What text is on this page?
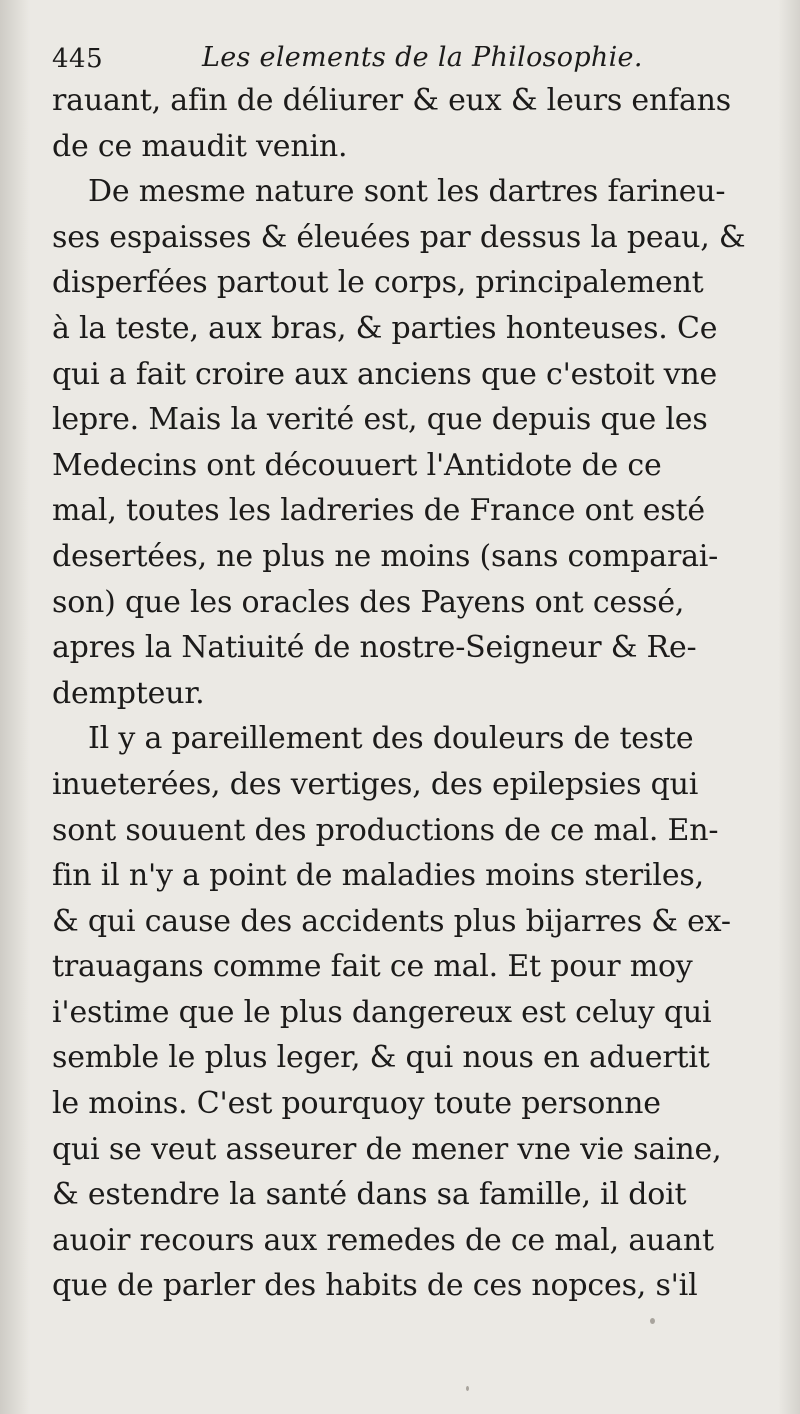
445	Les elements de la Philosophie.
rauant, afin de déliurer & eux & leurs enfans
de ce maudit venin.
De mesme nature sont les dartres farineu-
ses espaisses & éleuées par dessus la peau, &
disperfées partout le corps, principalement
à la teste, aux bras, & parties honteuses. Ce
qui a fait croire aux anciens que c'estoit vne
lepre. Mais la verité est, que depuis que les
Medecins ont découuert l'Antidote de ce
mal, toutes les ladreries de France ont esté
desertées, ne plus ne moins (sans comparai-
son) que les oracles des Payens ont cessé,
apres la Natiuité de nostre-Seigneur & Re-
dempteur.
Il y a pareillement des douleurs de teste
inueterées, des vertiges, des epilepsies qui
sont souuent des productions de ce mal. En-
fin il n'y a point de maladies moins steriles,
& qui cause des accidents plus bijarres & ex-
trauagans comme fait ce mal. Et pour moy
i'estime que le plus dangereux est celuy qui
semble le plus leger, & qui nous en aduertit
le moins. C'est pourquoy toute personne
qui se veut asseurer de mener vne vie saine,
& estendre la santé dans sa famille, il doit
auoir recours aux remedes de ce mal, auant
que de parler des habits de ces nopces, s'il
